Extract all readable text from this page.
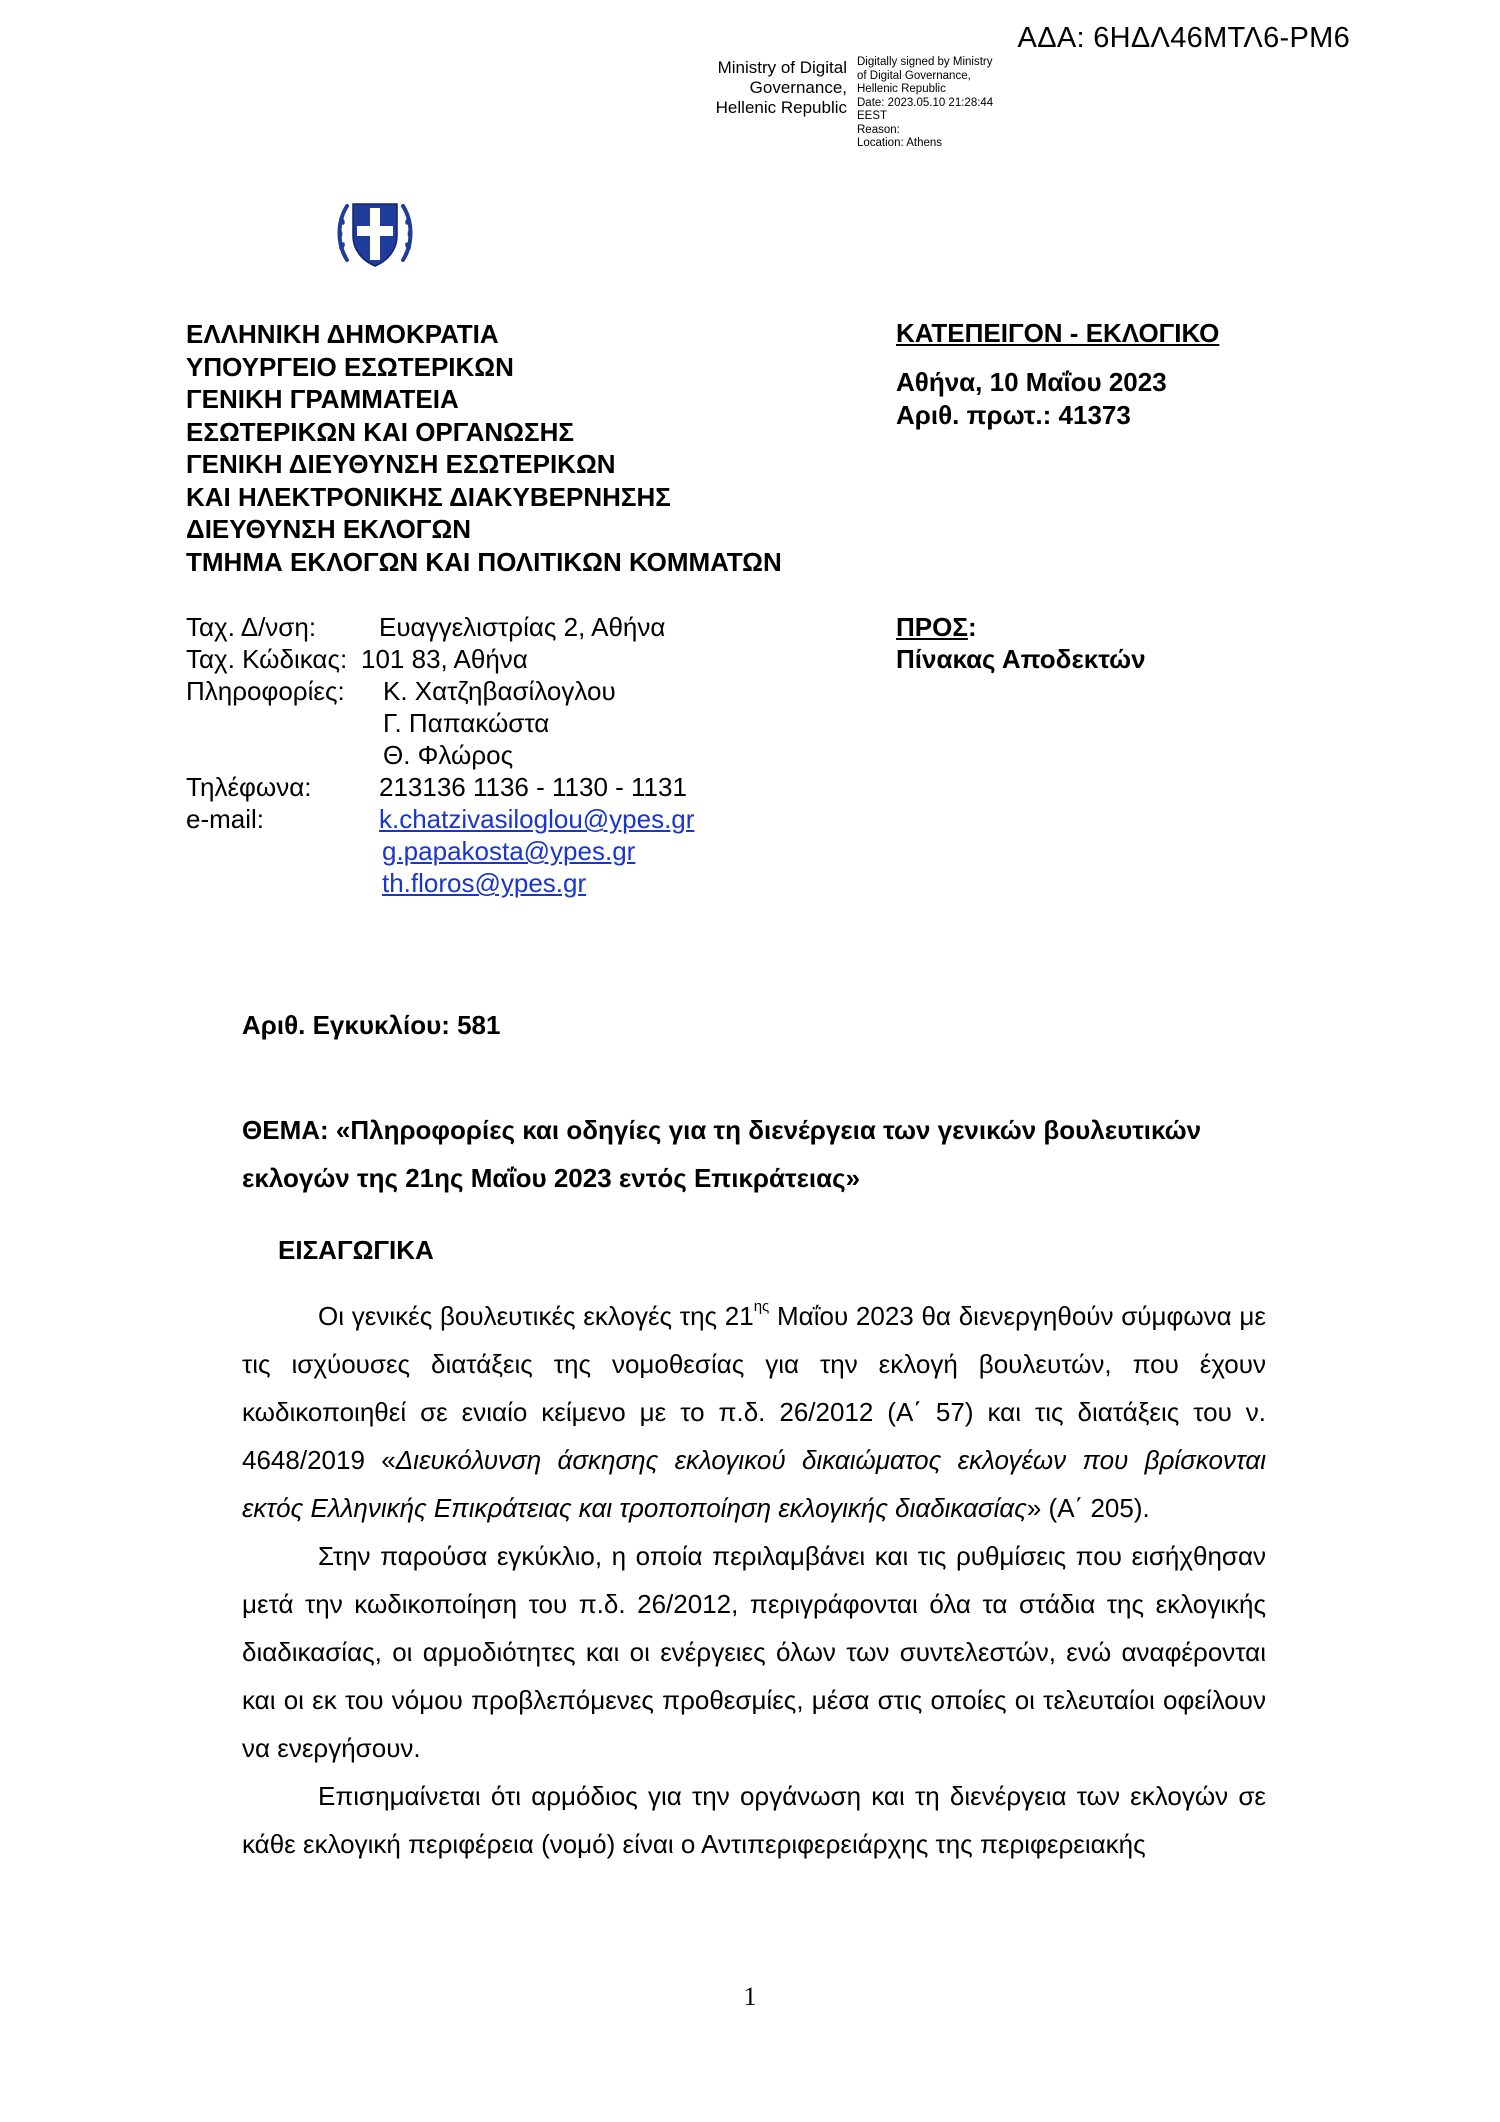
ΑΔΑ: 6ΗΔΛ46ΜΤΛ6-ΡΜ6
Ministry of Digital
Governance,
Hellenic Republic
Digitally signed by Ministry
of Digital Governance,
Hellenic Republic
Date: 2023.05.10 21:28:44
EEST
Reason:
Location: Athens
ΕΛΛΗΝΙΚΗ ΔΗΜΟΚΡΑΤΙΑ
ΥΠΟΥΡΓΕΙΟ ΕΣΩΤΕΡΙΚΩΝ
ΓΕΝΙΚΗ ΓΡΑΜΜΑΤΕΙΑ
ΕΣΩΤΕΡΙΚΩΝ ΚΑΙ ΟΡΓΑΝΩΣΗΣ
ΓΕΝΙΚΗ ΔΙΕΥΘΥΝΣΗ ΕΣΩΤΕΡΙΚΩΝ
ΚΑΙ ΗΛΕΚΤΡΟΝΙΚΗΣ ΔΙΑΚΥΒΕΡΝΗΣΗΣ
ΔΙΕΥΘΥΝΣΗ ΕΚΛΟΓΩΝ
ΤΜΗΜΑ ΕΚΛΟΓΩΝ ΚΑΙ ΠΟΛΙΤΙΚΩΝ ΚΟΜΜΑΤΩΝ
ΚΑΤΕΠΕΙΓΟΝ - ΕΚΛΟΓΙΚΟ
Αθήνα, 10 Μαΐου 2023
Αριθ. πρωτ.: 41373
Ταχ. Δ/νση:	Ευαγγελιστρίας 2, Αθήνα
Ταχ. Κώδικας: 101 83, Αθήνα
Πληροφορίες:	Κ. Χατζηβασίλογλου
Γ. Παπακώστα
Θ. Φλώρος
Τηλέφωνα:	213136 1136 - 1130 - 1131
e-mail:	k.chatzivasiloglou@ypes.gr
g.papakosta@ypes.gr
th.floros@ypes.gr
ΠΡΟΣ:
Πίνακας Αποδεκτών
Αριθ. Εγκυκλίου: 581
ΘΕΜΑ: «Πληροφορίες και οδηγίες για τη διενέργεια των γενικών βουλευτικών εκλογών της 21ης Μαΐου 2023 εντός Επικράτειας»
ΕΙΣΑΓΩΓΙΚΑ

Οι γενικές βουλευτικές εκλογές της $21^{\eta\varsigma}$ Μαΐου 2023 θα διενεργηθούν σύμφωνα με τις ισχύουσες διατάξεις της νομοθεσίας για την εκλογή βουλευτών, που έχουν κωδικοποιηθεί σε ενιαίο κείμενο με το π.δ. 26/2012 (Α΄ 57) και τις διατάξεις του ν. 4648/2019 «Διευκόλυνση άσκησης εκλογικού δικαιώματος εκλογέων που βρίσκονται εκτός Ελληνικής Επικράτειας και τροποποίηση εκλογικής διαδικασίας» (Α΄ 205).

Στην παρούσα εγκύκλιο, η οποία περιλαμβάνει και τις ρυθμίσεις που εισήχθησαν μετά την κωδικοποίηση του π.δ. 26/2012, περιγράφονται όλα τα στάδια της εκλογικής διαδικασίας, οι αρμοδιότητες και οι ενέργειες όλων των συντελεστών, ενώ αναφέρονται και οι εκ του νόμου προβλεπόμενες προθεσμίες, μέσα στις οποίες οι τελευταίοι οφείλουν να ενεργήσουν.

Επισημαίνεται ότι αρμόδιος για την οργάνωση και τη διενέργεια των εκλογών σε κάθε εκλογική περιφέρεια (νομό) είναι ο Αντιπεριφερειάρχης της περιφερειακής

1
